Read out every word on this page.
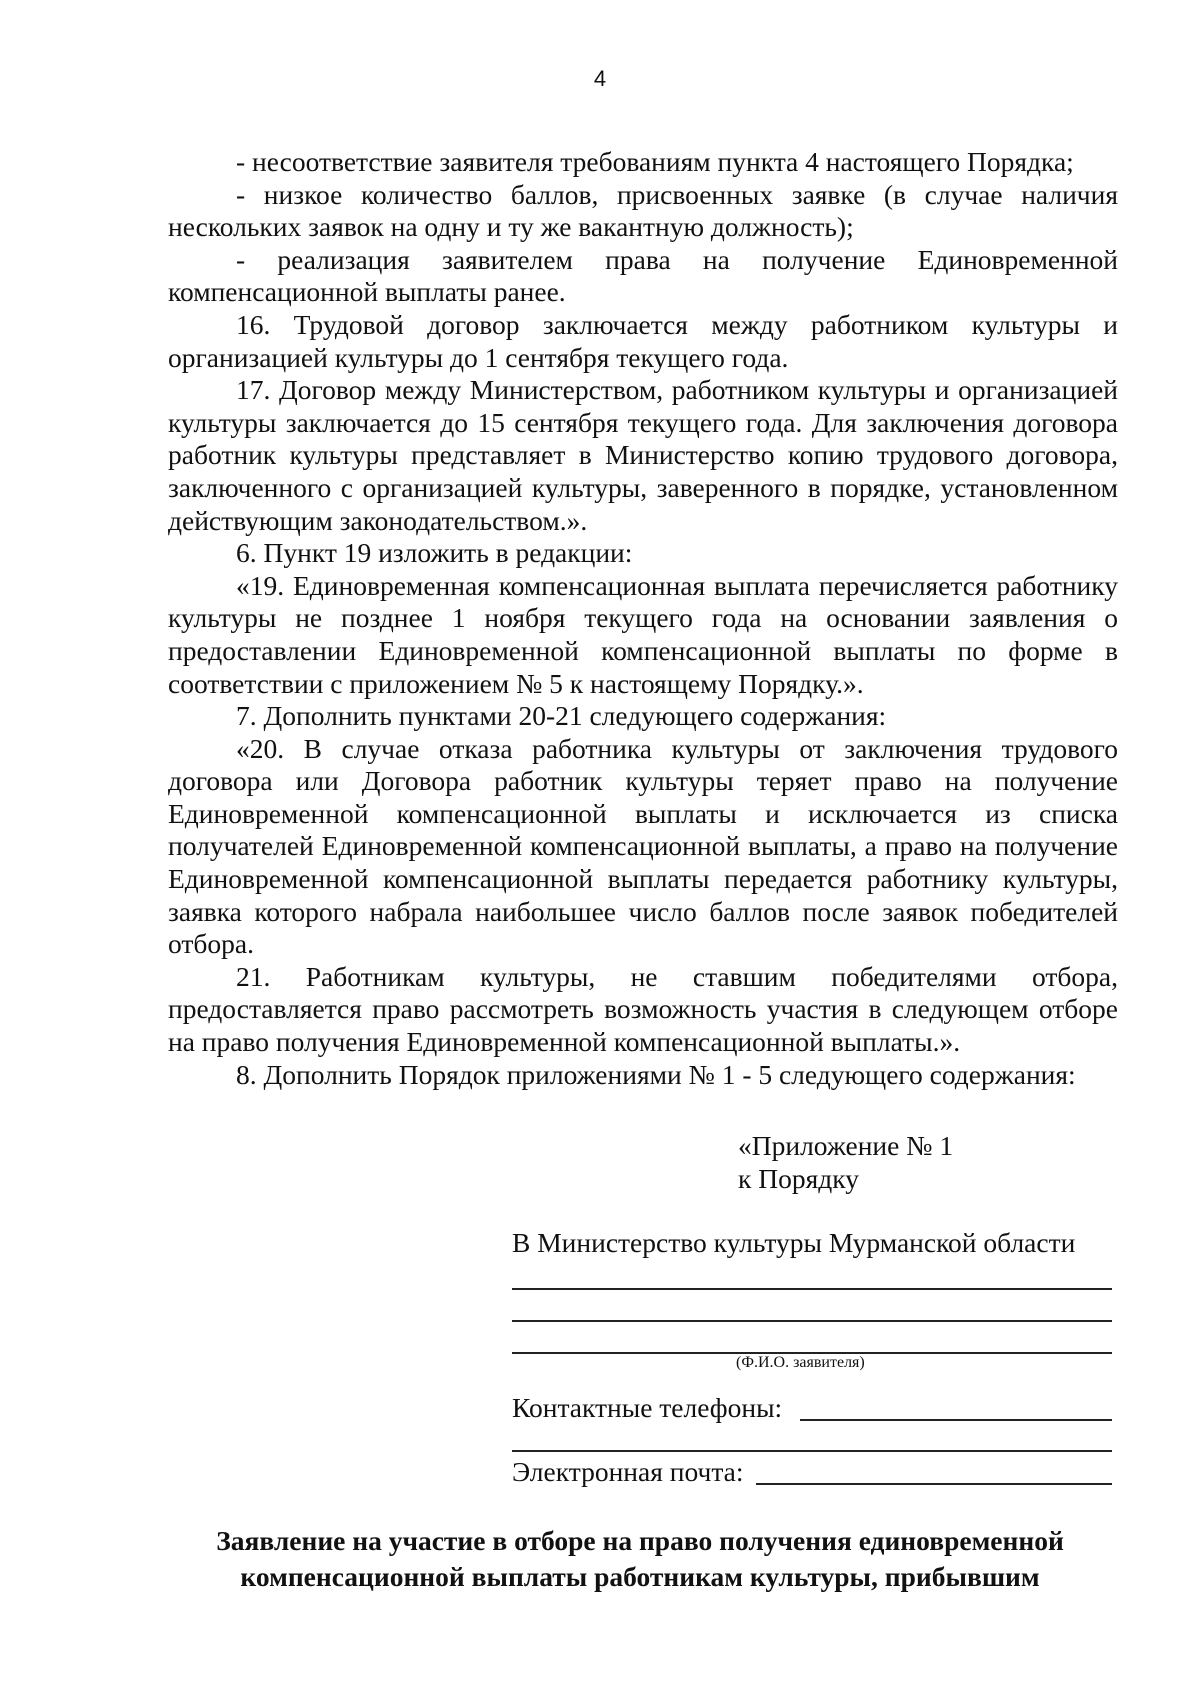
4

- несоответствие заявителя требованиям пункта 4 настоящего Порядка;

- низкое количество баллов, присвоенных заявке (в случае наличия нескольких заявок на одну и ту же вакантную должность);

- реализация заявителем права на получение Единовременной компенсационной выплаты ранее.

16. Трудовой договор заключается между работником культуры и организацией культуры до 1 сентября текущего года.

17. Договор между Министерством, работником культуры и организацией культуры заключается до 15 сентября текущего года. Для заключения договора работник культуры представляет в Министерство копию трудового договора, заключенного с организацией культуры, заверенного в порядке, установленном действующим законодательством.».

6. Пункт 19 изложить в редакции:

«19. Единовременная компенсационная выплата перечисляется работнику культуры не позднее 1 ноября текущего года на основании заявления о предоставлении Единовременной компенсационной выплаты по форме в соответствии с приложением № 5 к настоящему Порядку.».

7. Дополнить пунктами 20-21 следующего содержания:

«20. В случае отказа работника культуры от заключения трудового договора или Договора работник культуры теряет право на получение Единовременной компенсационной выплаты и исключается из списка получателей Единовременной компенсационной выплаты, а право на получение Единовременной компенсационной выплаты передается работнику культуры, заявка которого набрала наибольшее число баллов после заявок победителей отбора.

21. Работникам культуры, не ставшим победителями отбора, предоставляется право рассмотреть возможность участия в следующем отборе на право получения Единовременной компенсационной выплаты.».

8. Дополнить Порядок приложениями № 1 - 5 следующего содержания:

«Приложение № 1
к Порядку
В Министерство культуры Мурманской области
(Ф.И.О. заявителя)
Контактные телефоны:
Электронная почта:
Заявление на участие в отборе на право получения единовременной
компенсационной выплаты работникам культуры, прибывшим
